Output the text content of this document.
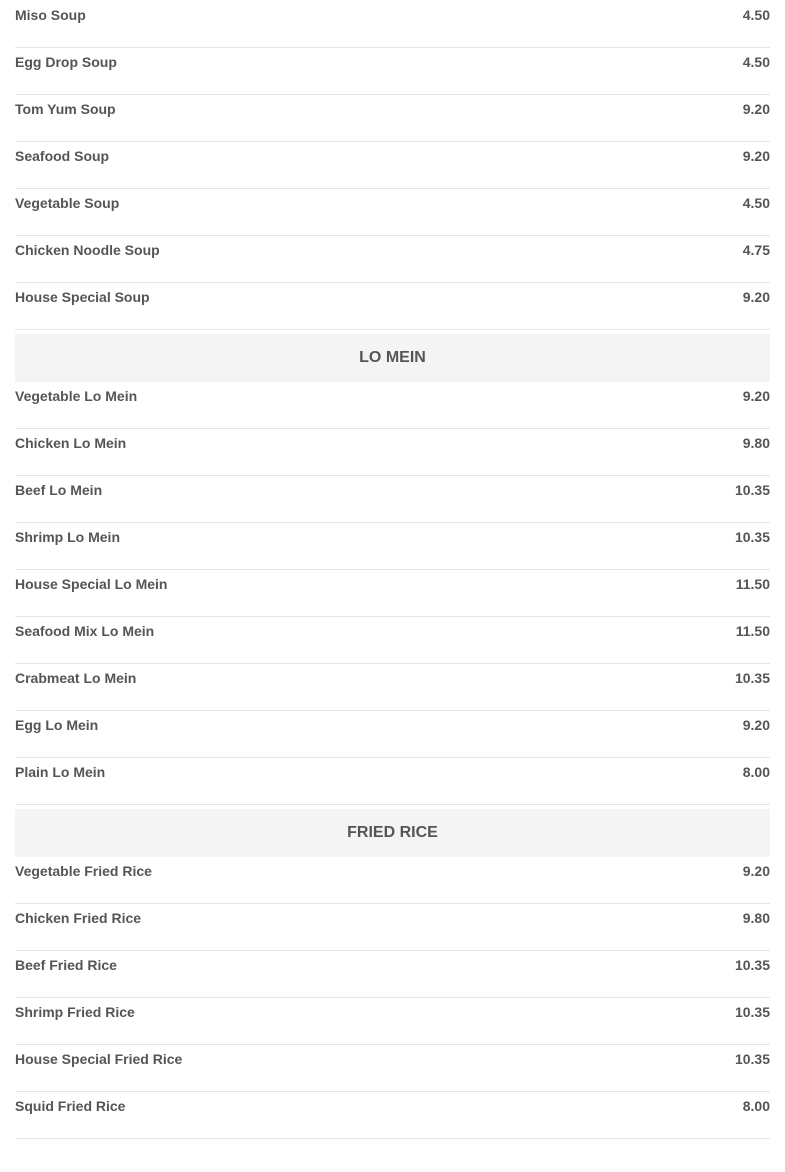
Miso Soup	4.50
Egg Drop Soup	4.50
Tom Yum Soup	9.20
Seafood Soup	9.20
Vegetable Soup	4.50
Chicken Noodle Soup	4.75
House Special Soup	9.20
LO MEIN
Vegetable Lo Mein	9.20
Chicken Lo Mein	9.80
Beef Lo Mein	10.35
Shrimp Lo Mein	10.35
House Special Lo Mein	11.50
Seafood Mix Lo Mein	11.50
Crabmeat Lo Mein	10.35
Egg Lo Mein	9.20
Plain Lo Mein	8.00
FRIED RICE
Vegetable Fried Rice	9.20
Chicken Fried Rice	9.80
Beef Fried Rice	10.35
Shrimp Fried Rice	10.35
House Special Fried Rice	10.35
Squid Fried Rice	8.00
